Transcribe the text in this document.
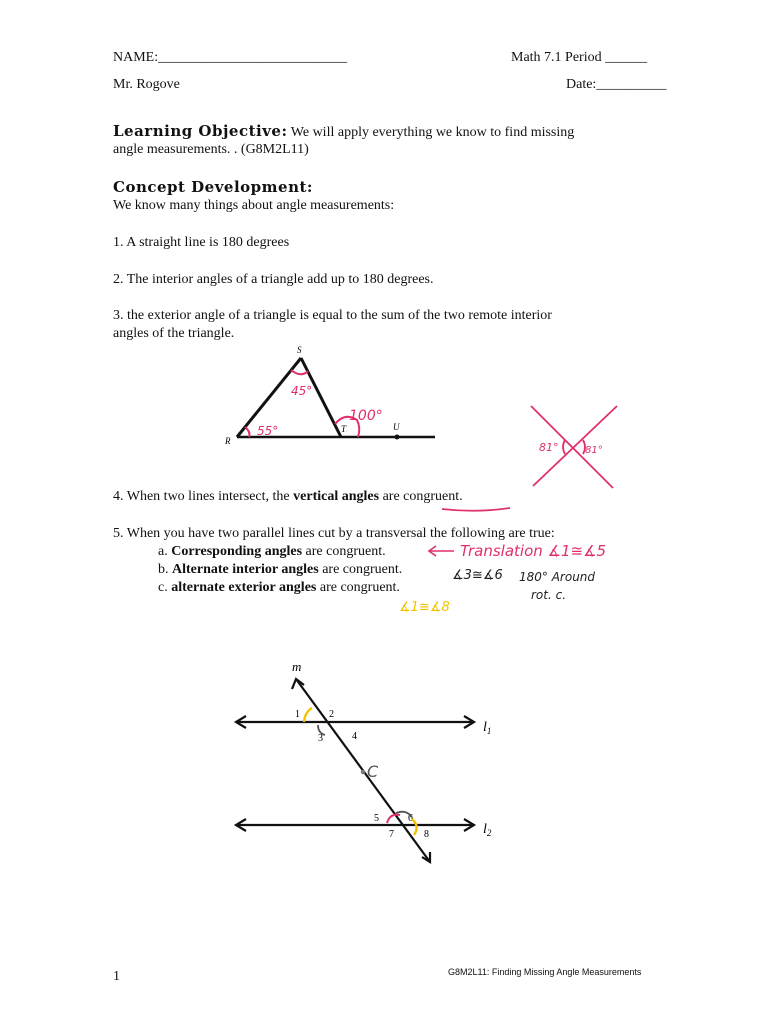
NAME:___________________________	Math 7.1 Period ______
Mr. Rogove	Date:__________
Learning Objective: We will apply everything we know to find missing
angle measurements. . (G8M2L11)
Concept Development:
We know many things about angle measurements:
1. A straight line is 180 degrees
2. The interior angles of a triangle add up to 180 degrees.
3. the exterior angle of a triangle is equal to the sum of the two remote interior
angles of the triangle.
S
R
T	U
45°
55°
100°
81°	81°
4. When two lines intersect, the vertical angles are congruent.
5. When you have two parallel lines cut by a transversal the following are true:
a. Corresponding angles are congruent.
b. Alternate interior angles are congruent.
c. alternate exterior angles are congruent.
Translation ∡1≅∡5
∡3≅∡6 180° Around
rot. c.
∡1≅∡8
m
$l_1$
$l_2$
1	2
3	4
5	6
7	8
C
1	G8M2L11: Finding Missing Angle Measurements
